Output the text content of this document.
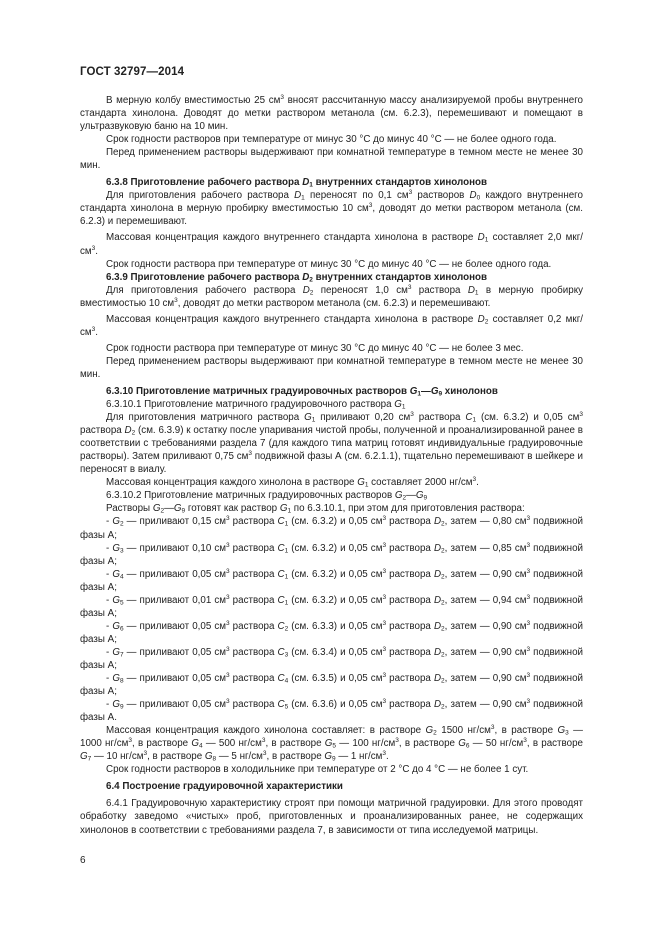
ГОСТ 32797—2014

В мерную колбу вместимостью 25 $см^3$ вносят рассчитанную массу анализируемой пробы внутреннего стандарта хинолона. Доводят до метки раствором метанола (см. 6.2.3), перемешивают и помещают в ультразвуковую баню на 10 мин.

Срок годности растворов при температуре от минус 30 °С до минус 40 °С — не более одного года.

Перед применением растворы выдерживают при комнатной температуре в темном месте не менее 30 мин.

6.3.8 Приготовление рабочего раствора $D_1$ внутренних стандартов хинолонов

Для приготовления рабочего раствора $D_1$ переносят по 0,1 $см^3$ растворов $D_0$ каждого внутреннего стандарта хинолона в мерную пробирку вместимостью 10 $см^3$, доводят до метки раствором метанола (см. 6.2.3) и перемешивают.

Массовая концентрация каждого внутреннего стандарта хинолона в растворе $D_1$ составляет 2,0 мкг/$см^3$.

Срок годности раствора при температуре от минус 30 °С до минус 40 °С — не более одного года.

6.3.9 Приготовление рабочего раствора $D_2$ внутренних стандартов хинолонов

Для приготовления рабочего раствора $D_2$ переносят 1,0 $см^3$ раствора $D_1$ в мерную пробирку вместимостью 10 $см^3$, доводят до метки раствором метанола (см. 6.2.3) и перемешивают.

Массовая концентрация каждого внутреннего стандарта хинолона в растворе $D_2$ составляет 0,2 мкг/$см^3$.

Срок годности раствора при температуре от минус 30 °С до минус 40 °С — не более 3 мес.

Перед применением растворы выдерживают при комнатной температуре в темном месте не менее 30 мин.

6.3.10 Приготовление матричных градуировочных растворов $G_1—G_9$ хинолонов

6.3.10.1 Приготовление матричного градуировочного раствора $G_1$

Для приготовления матричного раствора $G_1$ приливают 0,20 $см^3$ раствора $C_1$ (см. 6.3.2) и 0,05 $см^3$ раствора $D_2$ (см. 6.3.9) к остатку после упаривания чистой пробы, полученной и проанализированной ранее в соответствии с требованиями раздела 7 (для каждого типа матриц готовят индивидуальные градуировочные растворы). Затем приливают 0,75 $см^3$ подвижной фазы А (см. 6.2.1.1), тщательно перемешивают в шейкере и переносят в виалу.

Массовая концентрация каждого хинолона в растворе $G_1$ составляет 2000 $нг/см^3$.

6.3.10.2 Приготовление матричных градуировочных растворов $G_2—G_9$

Растворы $G_2—G_9$ готовят как раствор $G_1$ по 6.3.10.1, при этом для приготовления раствора:

- $G_2$ — приливают 0,15 $см^3$ раствора $C_1$ (см. 6.3.2) и 0,05 $см^3$ раствора $D_2$, затем — 0,80 $см^3$ подвижной фазы А;

- $G_3$ — приливают 0,10 $см^3$ раствора $C_1$ (см. 6.3.2) и 0,05 $см^3$ раствора $D_2$, затем — 0,85 $см^3$ подвижной фазы А;

- $G_4$ — приливают 0,05 $см^3$ раствора $C_1$ (см. 6.3.2) и 0,05 $см^3$ раствора $D_2$, затем — 0,90 $см^3$ подвижной фазы А;

- $G_5$ — приливают 0,01 $см^3$ раствора $C_1$ (см. 6.3.2) и 0,05 $см^3$ раствора $D_2$, затем — 0,94 $см^3$ подвижной фазы А;

- $G_6$ — приливают 0,05 $см^3$ раствора $C_2$ (см. 6.3.3) и 0,05 $см^3$ раствора $D_2$, затем — 0,90 $см^3$ подвижной фазы А;

- $G_7$ — приливают 0,05 $см^3$ раствора $C_3$ (см. 6.3.4) и 0,05 $см^3$ раствора $D_2$, затем — 0,90 $см^3$ подвижной фазы А;

- $G_8$ — приливают 0,05 $см^3$ раствора $C_4$ (см. 6.3.5) и 0,05 $см^3$ раствора $D_2$, затем — 0,90 $см^3$ подвижной фазы А;

- $G_9$ — приливают 0,05 $см^3$ раствора $C_5$ (см. 6.3.6) и 0,05 $см^3$ раствора $D_2$, затем — 0,90 $см^3$ подвижной фазы А.

Массовая концентрация каждого хинолона составляет: в растворе $G_2$ 1500 $нг/см^3$, в растворе $G_3$ — 1000 $нг/см^3$, в растворе $G_4$ — 500 $нг/см^3$, в растворе $G_5$ — 100 $нг/см^3$, в растворе $G_6$ — 50 $нг/см^3$, в растворе $G_7$ — 10 $нг/см^3$, в растворе $G_8$ — 5 $нг/см^3$, в растворе $G_9$ — 1 $нг/см^3$.

Срок годности растворов в холодильнике при температуре от 2 °С до 4 °С — не более 1 сут.

6.4 Построение градуировочной характеристики

6.4.1 Градуировочную характеристику строят при помощи матричной градуировки. Для этого проводят обработку заведомо «чистых» проб, приготовленных и проанализированных ранее, не содержащих хинолонов в соответствии с требованиями раздела 7, в зависимости от типа исследуемой матрицы.

6
